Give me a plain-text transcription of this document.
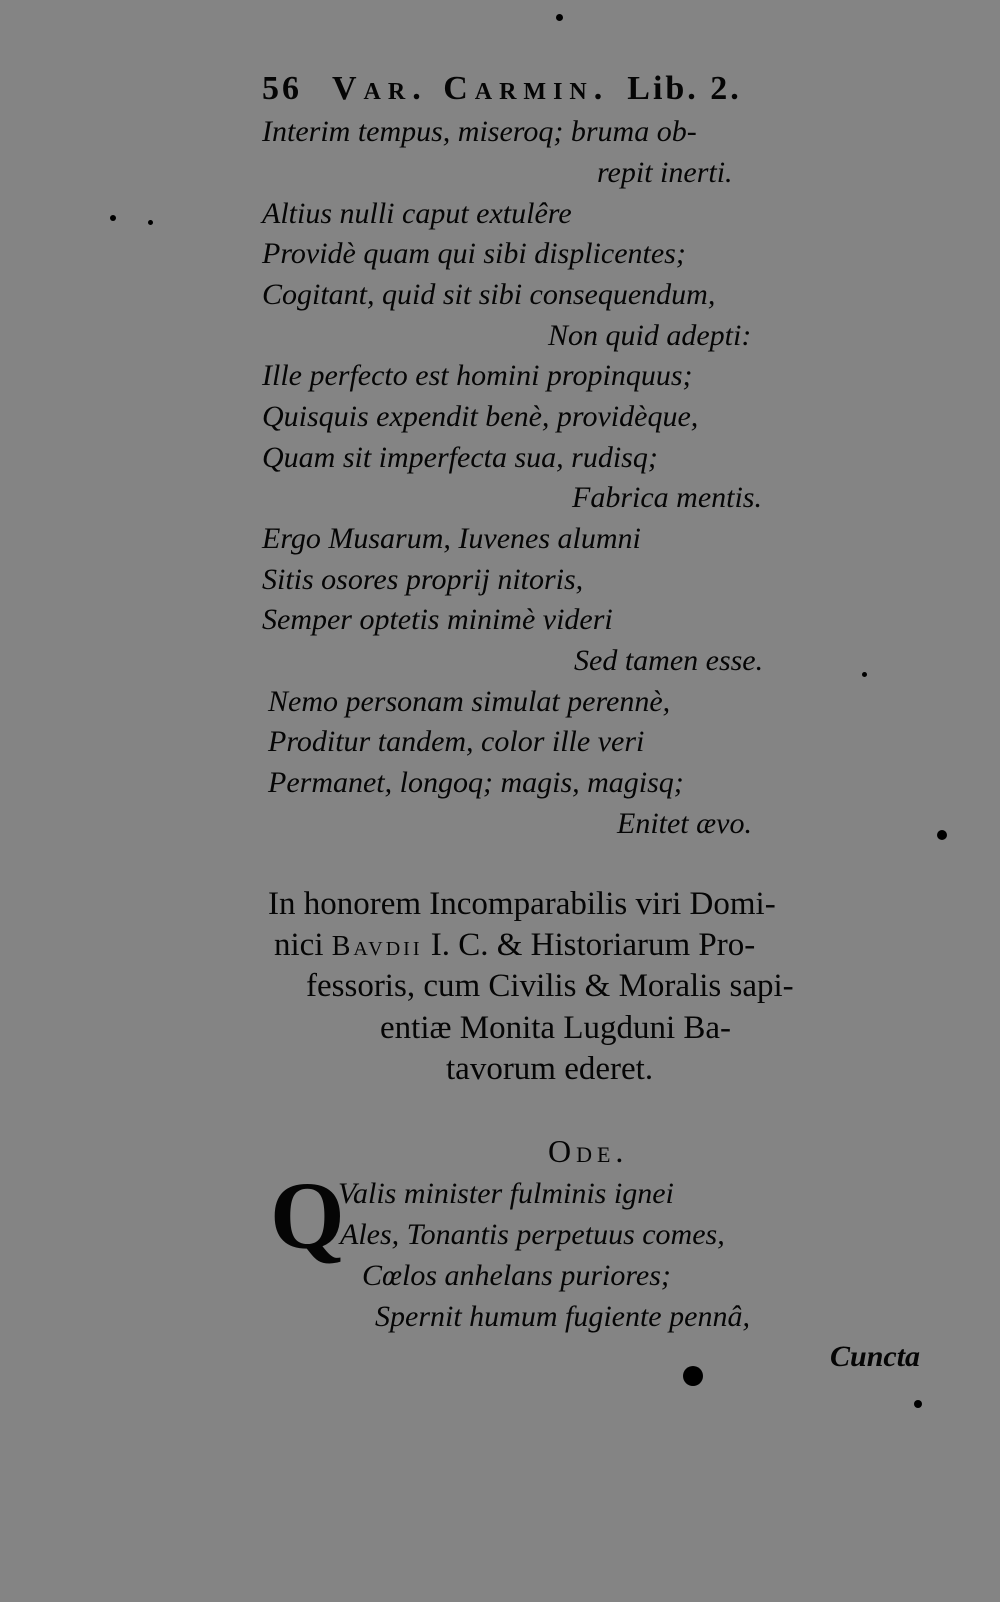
56 Var. Carmin. Lib. 2.
Interim tempus, miseroq; bruma ob-
repit inerti.
Altius nulli caput extulêre
Providè quam qui sibi displicentes;
Cogitant, quid sit sibi consequendum,
Non quid adepti:
Ille perfecto est homini propinquus;
Quisquis expendit benè, providèque,
Quam sit imperfecta sua, rudisq;
Fabrica mentis.
Ergo Musarum, Iuvenes alumni
Sitis osores proprij nitoris,
Semper optetis minimè videri
Sed tamen esse.
Nemo personam simulat perennè,
Proditur tandem, color ille veri
Permanet, longoq; magis, magisq;
Enitet ævo.
In honorem Incomparabilis viri Domi-
nici Bavdii I. C. & Historiarum Pro-
fessoris, cum Civilis & Moralis sapi-
entiæ Monita Lugduni Ba-
tavorum ederet.
Ode.
Q
Valis minister fulminis ignei
Ales, Tonantis perpetuus comes,
Cœlos anhelans puriores;
Spernit humum fugiente pennâ,
Cuncta
